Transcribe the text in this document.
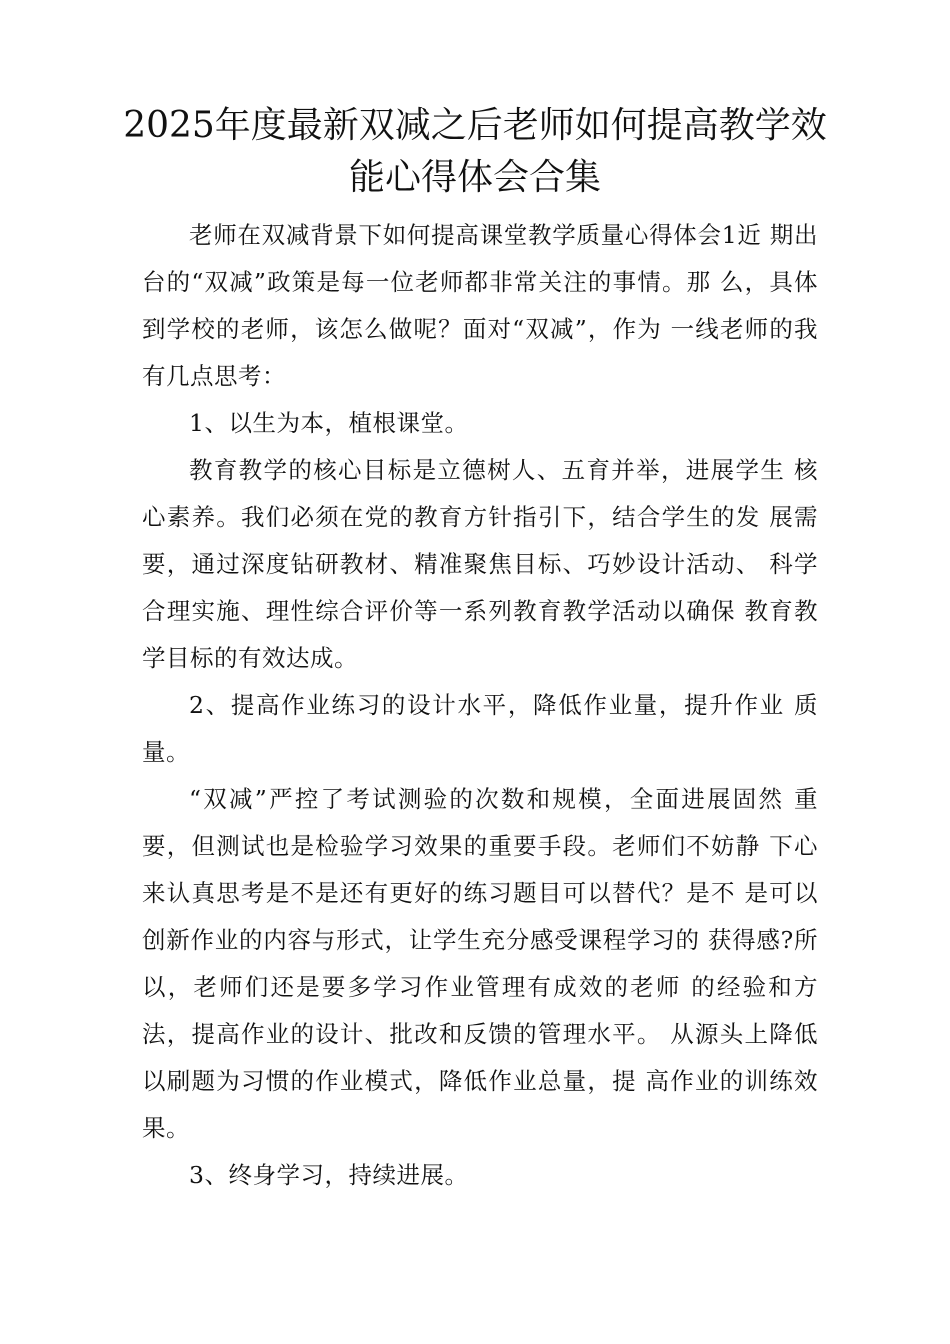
2025年度最新双减之后老师如何提高教学效
能心得体会合集

老师在双减背景下如何提高课堂教学质量心得体会1近 期出台的“双减”政策是每一位老师都非常关注的事情。那 么，具体到学校的老师，该怎么做呢？面对“双减”，作为 一线老师的我有几点思考：

1、以生为本，植根课堂。

教育教学的核心目标是立德树人、五育并举，进展学生 核心素养。我们必须在党的教育方针指引下，结合学生的发 展需要，通过深度钻研教材、精准聚焦目标、巧妙设计活动、 科学合理实施、理性综合评价等一系列教育教学活动以确保 教育教学目标的有效达成。

2、提高作业练习的设计水平，降低作业量，提升作业 质量。

“双减”严控了考试测验的次数和规模，全面进展固然 重要，但测试也是检验学习效果的重要手段。老师们不妨静 下心来认真思考是不是还有更好的练习题目可以替代？是不 是可以创新作业的内容与形式，让学生充分感受课程学习的 获得感?所以，老师们还是要多学习作业管理有成效的老师 的经验和方法，提高作业的设计、批改和反馈的管理水平。 从源头上降低以刷题为习惯的作业模式，降低作业总量，提 高作业的训练效果。

3、终身学习，持续进展。
